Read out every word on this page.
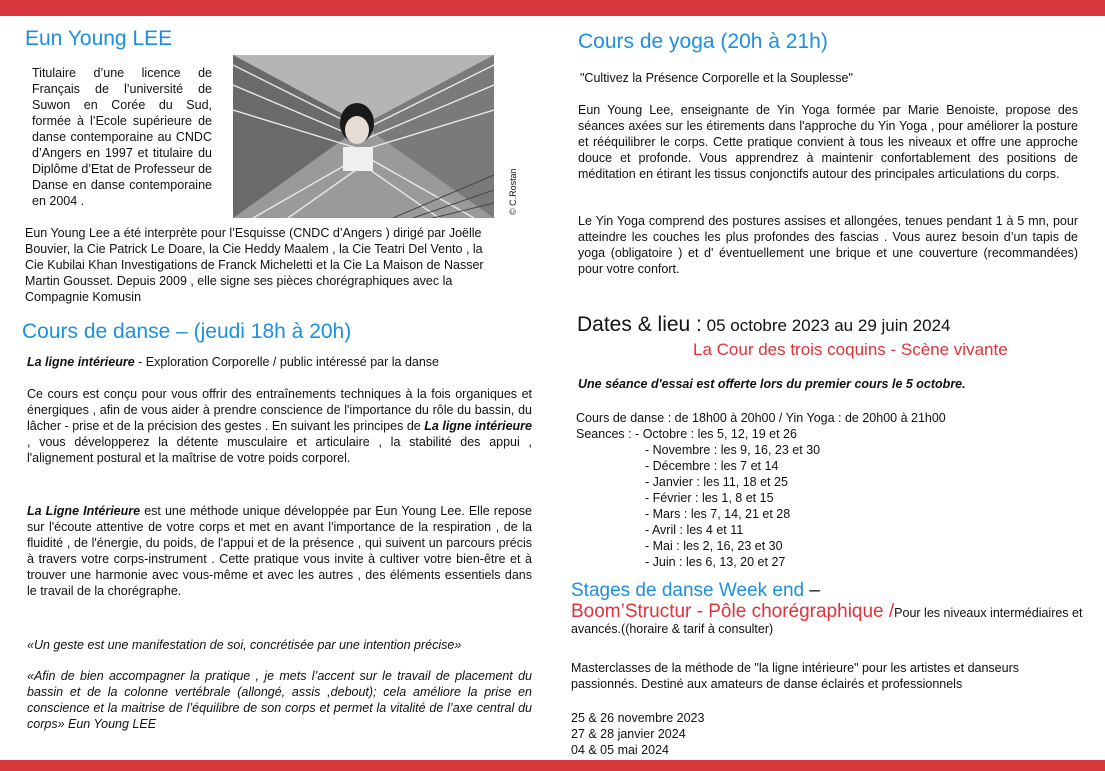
Eun Young LEE
Titulaire d’une licence de Français de l’université de Suwon en Corée du Sud, formée à l’Ecole supérieure de danse contemporaine au CNDC d’Angers en 1997 et titulaire du Diplôme d’Etat de Professeur de Danse en danse contemporaine en 2004 .	© C.Rostan
Eun Young Lee a été interprète pour l’Esquisse (CNDC d’Angers ) dirigé par Joëlle Bouvier, la Cie Patrick Le Doare, la Cie Heddy Maalem , la Cie Teatri Del Vento , la Cie Kubilai Khan Investigations de Franck Micheletti et la Cie La Maison de Nasser Martin Gousset. Depuis 2009 , elle signe ses pièces chorégraphiques avec la Compagnie Komusin
Cours de danse – (jeudi 18h à 20h)
La ligne intérieure - Exploration Corporelle / public intéressé par la danse
Ce cours est conçu pour vous offrir des entraînements techniques à la fois organiques et énergiques , afin de vous aider à prendre conscience de l'importance du rôle du bassin, du lâcher - prise et de la précision des gestes . En suivant les principes de La ligne intérieure , vous développerez la détente musculaire et articulaire , la stabilité des appui , l'alignement postural et la maîtrise de votre poids corporel.
La Ligne Intérieure est une méthode unique développée par Eun Young Lee. Elle repose sur l'écoute attentive de votre corps et met en avant l'importance de la respiration , de la fluidité , de l'énergie, du poids, de l'appui et de la présence , qui suivent un parcours précis à travers votre corps-instrument . Cette pratique vous invite à cultiver votre bien-être et à trouver une harmonie avec vous-même et avec les autres , des éléments essentiels dans le travail de la chorégraphe.
«Un geste est une manifestation de soi, concrétisée par une intention précise»
«Afin de bien accompagner la pratique , je mets l’accent sur le travail de placement du bassin et de la colonne vertébrale (allongé, assis ,debout); cela améliore la prise en conscience et la maitrise de l’équilibre de son corps et permet la vitalité de l’axe central du corps» Eun Young LEE
Cours de yoga (20h à 21h)
"Cultivez la Présence Corporelle et la Souplesse"
Eun Young Lee, enseignante de Yin Yoga formée par Marie Benoiste, propose des séances axées sur les étirements dans l'approche du Yin Yoga , pour améliorer la posture et rééquilibrer le corps. Cette pratique convient à tous les niveaux et offre une approche douce et profonde. Vous apprendrez à maintenir confortablement des positions de méditation en étirant les tissus conjonctifs autour des principales articulations du corps.
Le Yin Yoga comprend des postures assises et allongées, tenues pendant 1 à 5 mn, pour atteindre les couches les plus profondes des fascias . Vous aurez besoin d’un tapis de yoga (obligatoire ) et d' éventuellement une brique et une couverture (recommandées) pour votre confort.
Dates & lieu : 05 octobre 2023 au 29 juin 2024
La Cour des trois coquins - Scène vivante
Une séance d'essai est offerte lors du premier cours le 5 octobre.
Cours de danse : de 18h00 à 20h00 / Yin Yoga : de 20h00 à 21h00
Seances : - Octobre : les 5, 12, 19 et 26
- Novembre : les 9, 16, 23 et 30
- Décembre : les 7 et 14
- Janvier : les 11, 18 et 25
- Février : les 1, 8 et 15
- Mars : les 7, 14, 21 et 28
- Avril : les 4 et 11
- Mai : les 2, 16, 23 et 30
- Juin : les 6, 13, 20 et 27
Stages de danse Week end –
Boom’Structur - Pôle chorégraphique /Pour les niveaux intermédiaires et avancés.((horaire & tarif à consulter)
Masterclasses de la méthode de "la ligne intérieure" pour les artistes et danseurs passionnés. Destiné aux amateurs de danse éclairés et professionnels
25 & 26 novembre 2023
27 & 28 janvier 2024
04 & 05 mai 2024
